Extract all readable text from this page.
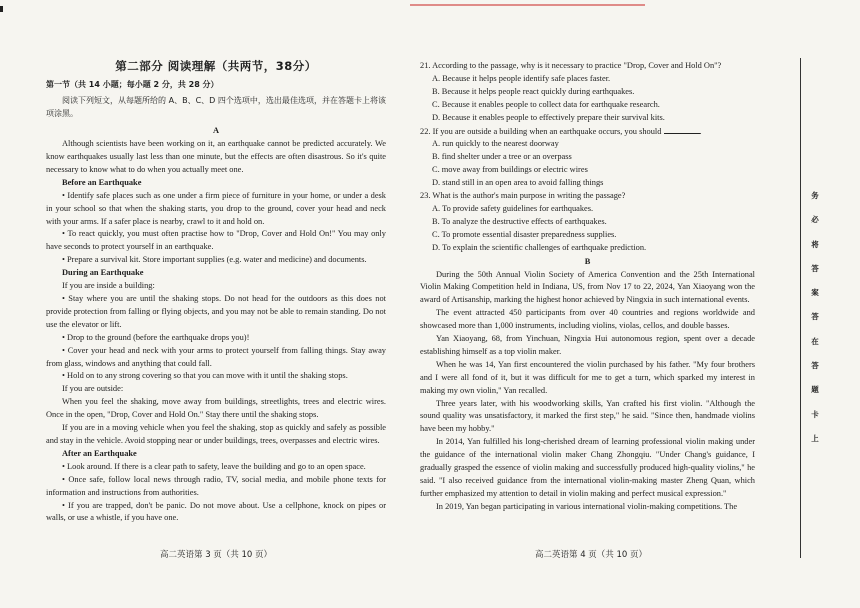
第二部分 阅读理解（共两节，38分）

第一节（共 14 小题；每小题 2 分，共 28 分）

阅读下列短文，从每题所给的 A、B、C、D 四个选项中，选出最佳选项，并在答题卡上将该项涂黑。

A

Although scientists have been working on it, an earthquake cannot be predicted accurately. We know earthquakes usually last less than one minute, but the effects are often disastrous. So it's quite necessary to know what to do when you actually meet one.

Before an Earthquake

• Identify safe places such as one under a firm piece of furniture in your home, or under a desk in your school so that when the shaking starts, you drop to the ground, cover your head and neck with your arms. If a safer place is nearby, crawl to it and hold on.

• To react quickly, you must often practise how to "Drop, Cover and Hold On!" You may only have seconds to protect yourself in an earthquake.

• Prepare a survival kit. Store important supplies (e.g. water and medicine) and documents.

During an Earthquake

If you are inside a building:

• Stay where you are until the shaking stops. Do not head for the outdoors as this does not provide protection from falling or flying objects, and you may not be able to remain standing. Do not use the elevator or lift.

• Drop to the ground (before the earthquake drops you)!

• Cover your head and neck with your arms to protect yourself from falling things. Stay away from glass, windows and anything that could fall.

• Hold on to any strong covering so that you can move with it until the shaking stops.

If you are outside:

When you feel the shaking, move away from buildings, streetlights, trees and electric wires. Once in the open, "Drop, Cover and Hold On." Stay there until the shaking stops.

If you are in a moving vehicle when you feel the shaking, stop as quickly and safely as possible and stay in the vehicle. Avoid stopping near or under buildings, trees, overpasses and electric wires.

After an Earthquake

• Look around. If there is a clear path to safety, leave the building and go to an open space.

• Once safe, follow local news through radio, TV, social media, and mobile phone texts for information and instructions from authorities.

• If you are trapped, don't be panic. Do not move about. Use a cellphone, knock on pipes or walls, or use a whistle, if you have one.

21. According to the passage, why is it necessary to practice "Drop, Cover and Hold On"?

A. Because it helps people identify safe places faster.

B. Because it helps people react quickly during earthquakes.

C. Because it enables people to collect data for earthquake research.

D. Because it enables people to effectively prepare their survival kits.

22. If you are outside a building when an earthquake occurs, you should	.

A. run quickly to the nearest doorway

B. find shelter under a tree or an overpass

C. move away from buildings or electric wires

D. stand still in an open area to avoid falling things

23. What is the author's main purpose in writing the passage?

A. To provide safety guidelines for earthquakes.

B. To analyze the destructive effects of earthquakes.

C. To promote essential disaster preparedness supplies.

D. To explain the scientific challenges of earthquake prediction.

B

During the 50th Annual Violin Society of America Convention and the 25th International Violin Making Competition held in Indiana, US, from Nov 17 to 22, 2024, Yan Xiaoyang won the award of Artisanship, marking the highest honor achieved by Ningxia in such international events.

The event attracted 450 participants from over 40 countries and regions worldwide and showcased more than 1,000 instruments, including violins, violas, cellos, and double basses.

Yan Xiaoyang, 68, from Yinchuan, Ningxia Hui autonomous region, spent over a decade establishing himself as a top violin maker.

When he was 14, Yan first encountered the violin purchased by his father. "My four brothers and I were all fond of it, but it was difficult for me to get a turn, which sparked my interest in making my own violin," Yan recalled.

Three years later, with his woodworking skills, Yan crafted his first violin. "Although the sound quality was unsatisfactory, it marked the first step," he said. "Since then, handmade violins have been my hobby."

In 2014, Yan fulfilled his long-cherished dream of learning professional violin making under the guidance of the international violin maker Chang Zhongqiu. "Under Chang's guidance, I gradually grasped the essence of violin making and successfully produced high-quality violins," he said. "I also received guidance from the international violin-making master Zheng Quan, which further emphasized my attention to detail in violin making and perfect musical expression."

In 2019, Yan began participating in various international violin-making competitions. The

务
必
将
答
案
答
在
答
题
卡
上
高二英语第 3 页（共 10 页）	高二英语第 4 页（共 10 页）
